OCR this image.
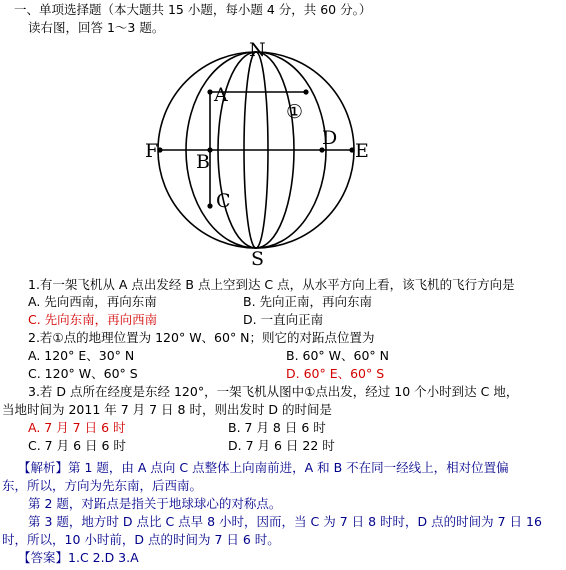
一、单项选择题（本大题共 15 小题，每小题 4 分，共 60 分。）
读右图，回答 1～3 题。
N
S
F	E
A
B
C
D
①
1.有一架飞机从 A 点出发经 B 点上空到达 C 点，从水平方向上看，该飞机的飞行方向是
A. 先向西南，再向东南	B. 先向正南，再向东南
C. 先向东南，再向西南	D. 一直向正南
2.若①点的地理位置为 120° W、60° N；则它的对跖点位置为
A. 120° E、30° N	B. 60° W、60° N
C. 120° W、60° S	D. 60° E、60° S
3.若 D 点所在经度是东经 120°，一架飞机从图中①点出发，经过 10 个小时到达 C 地，
当地时间为 2011 年 7 月 7 日 8 时，则出发时 D 的时间是
A. 7 月 7 日 6 时	B. 7 月 8 日 6 时
C. 7 月 6 日 6 时	D. 7 月 6 日 22 时
【解析】第 1 题，由 A 点向 C 点整体上向南前进，A 和 B 不在同一经线上，相对位置偏
东，所以，方向为先东南，后西南。
第 2 题，对跖点是指关于地球球心的对称点。
第 3 题，地方时 D 点比 C 点早 8 小时，因而，当 C 为 7 日 8 时时，D 点的时间为 7 日 16
时，所以，10 小时前，D 点的时间为 7 日 6 时。
【答案】1.C 2.D 3.A
